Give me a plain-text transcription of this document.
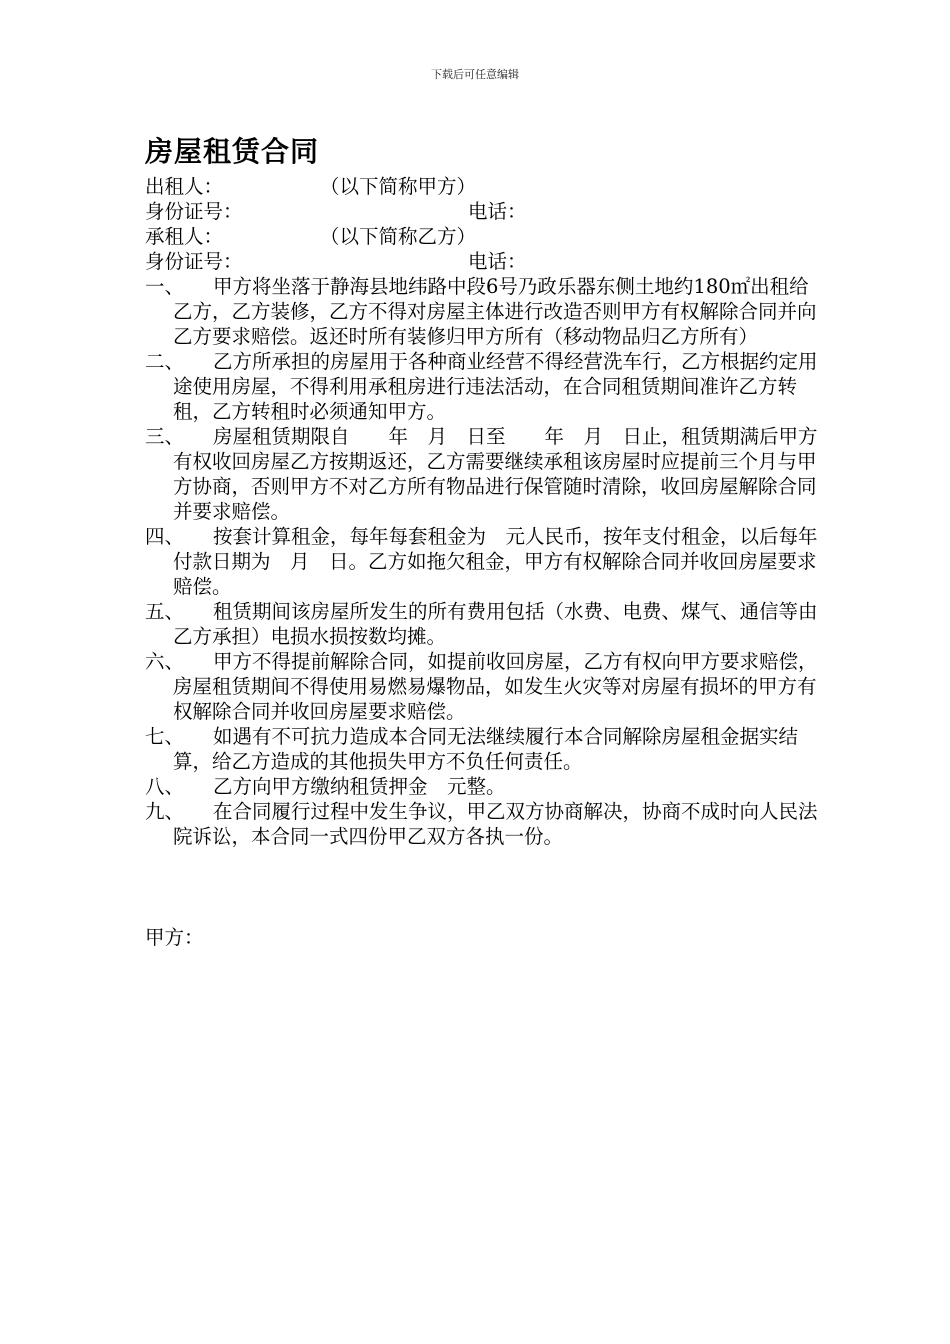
下载后可任意编辑
房屋租赁合同
出租人：	（以下简称甲方）
身份证号：	电话：
承租人：	（以下简称乙方）
身份证号：	电话：
一、	甲方将坐落于静海县地纬路中段6号乃政乐器东侧土地约180㎡出租给乙方，乙方装修，乙方不得对房屋主体进行改造否则甲方有权解除合同并向乙方要求赔偿。返还时所有装修归甲方所有（移动物品归乙方所有）
二、	乙方所承担的房屋用于各种商业经营不得经营洗车行，乙方根据约定用途使用房屋，不得利用承租房进行违法活动，在合同租赁期间准许乙方转租，乙方转租时必须通知甲方。
三、	房屋租赁期限自　　年　月　日至　　年　月　日止，租赁期满后甲方有权收回房屋乙方按期返还，乙方需要继续承租该房屋时应提前三个月与甲方协商，否则甲方不对乙方所有物品进行保管随时清除，收回房屋解除合同并要求赔偿。
四、	按套计算租金，每年每套租金为　元人民币，按年支付租金，以后每年付款日期为　月　日。乙方如拖欠租金，甲方有权解除合同并收回房屋要求赔偿。
五、	租赁期间该房屋所发生的所有费用包括（水费、电费、煤气、通信等由乙方承担）电损水损按数均摊。
六、	甲方不得提前解除合同，如提前收回房屋，乙方有权向甲方要求赔偿，房屋租赁期间不得使用易燃易爆物品，如发生火灾等对房屋有损坏的甲方有权解除合同并收回房屋要求赔偿。
七、	如遇有不可抗力造成本合同无法继续履行本合同解除房屋租金据实结算，给乙方造成的其他损失甲方不负任何责任。
八、	乙方向甲方缴纳租赁押金　元整。
九、	在合同履行过程中发生争议，甲乙双方协商解决，协商不成时向人民法院诉讼，本合同一式四份甲乙双方各执一份。
甲方：
